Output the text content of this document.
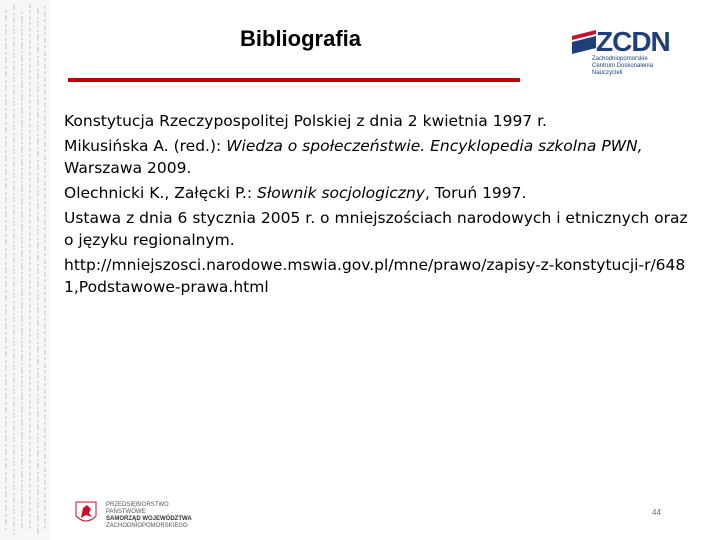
Bibliografia	ZCDN
Zachodniopomorskie
Centrum Doskonalenia Nauczycieli

Konstytucja Rzeczypospolitej Polskiej z dnia 2 kwietnia 1997 r.

Mikusińska A. (red.): Wiedza o społeczeństwie. Encyklopedia szkolna PWN, Warszawa 2009.

Olechnicki K., Załęcki P.: Słownik socjologiczny, Toruń 1997.

Ustawa z dnia 6 stycznia 2005 r. o mniejszościach narodowych i etnicznych oraz o języku regionalnym.

http://mniejszosci.narodowe.mswia.gov.pl/mne/prawo/zapisy-z-konstytucji-r/6481,Podstawowe-prawa.html

PRZEDSIĘBIORSTWO PAŃSTWOWE
SAMORZĄD WOJEWÓDZTWA
ZACHODNIOPOMORSKIEGO
44
